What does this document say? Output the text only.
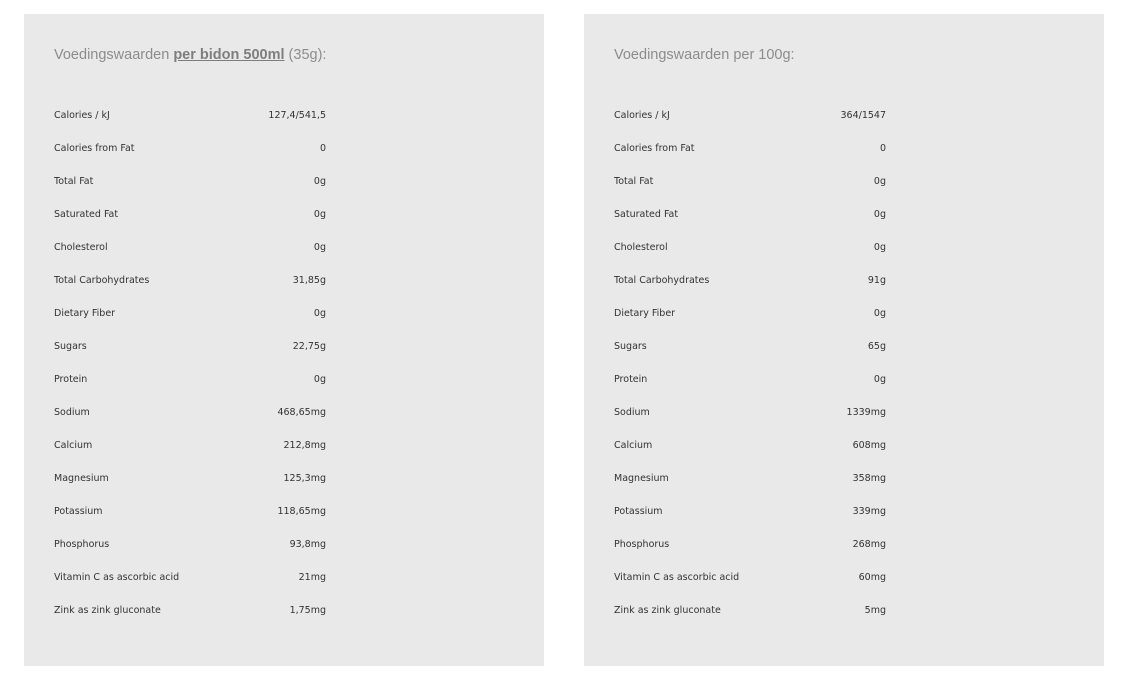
Voedingswaarden per bidon 500ml (35g):
Calories / kJ	127,4/541,5
Calories from Fat	0
Total Fat	0g
Saturated Fat	0g
Cholesterol	0g
Total Carbohydrates	31,85g
Dietary Fiber	0g
Sugars	22,75g
Protein	0g
Sodium	468,65mg
Calcium	212,8mg
Magnesium	125,3mg
Potassium	118,65mg
Phosphorus	93,8mg
Vitamin C as ascorbic acid	21mg
Zink as zink gluconate	1,75mg
Voedingswaarden per 100g:
Calories / kJ	364/1547
Calories from Fat	0
Total Fat	0g
Saturated Fat	0g
Cholesterol	0g
Total Carbohydrates	91g
Dietary Fiber	0g
Sugars	65g
Protein	0g
Sodium	1339mg
Calcium	608mg
Magnesium	358mg
Potassium	339mg
Phosphorus	268mg
Vitamin C as ascorbic acid	60mg
Zink as zink gluconate	5mg
